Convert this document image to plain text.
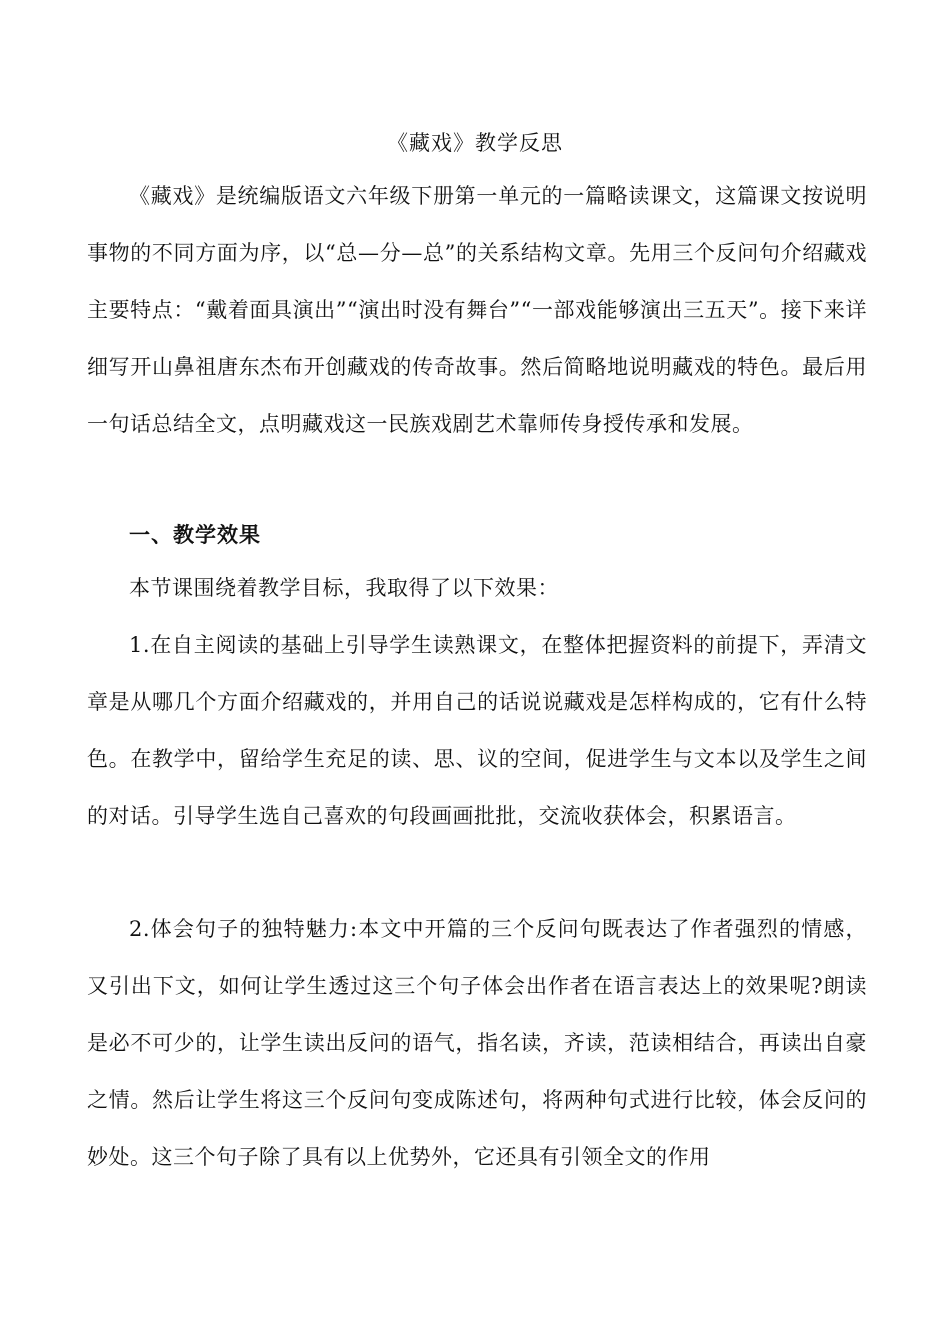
《藏戏》教学反思
《藏戏》是统编版语文六年级下册第一单元的一篇略读课文，这篇课文按说明事物的不同方面为序，以“总—分—总”的关系结构文章。先用三个反问句介绍藏戏主要特点：“戴着面具演出”“演出时没有舞台”“一部戏能够演出三五天”。接下来详细写开山鼻祖唐东杰布开创藏戏的传奇故事。然后简略地说明藏戏的特色。最后用一句话总结全文，点明藏戏这一民族戏剧艺术靠师传身授传承和发展。
一、教学效果
本节课围绕着教学目标，我取得了以下效果：
1.在自主阅读的基础上引导学生读熟课文，在整体把握资料的前提下，弄清文章是从哪几个方面介绍藏戏的，并用自己的话说说藏戏是怎样构成的，它有什么特色。在教学中，留给学生充足的读、思、议的空间，促进学生与文本以及学生之间的对话。引导学生选自己喜欢的句段画画批批，交流收获体会，积累语言。
2.体会句子的独特魅力:本文中开篇的三个反问句既表达了作者强烈的情感，又引出下文，如何让学生透过这三个句子体会出作者在语言表达上的效果呢?朗读是必不可少的，让学生读出反问的语气，指名读，齐读，范读相结合，再读出自豪之情。然后让学生将这三个反问句变成陈述句，将两种句式进行比较，体会反问的妙处。这三个句子除了具有以上优势外，它还具有引领全文的作用
